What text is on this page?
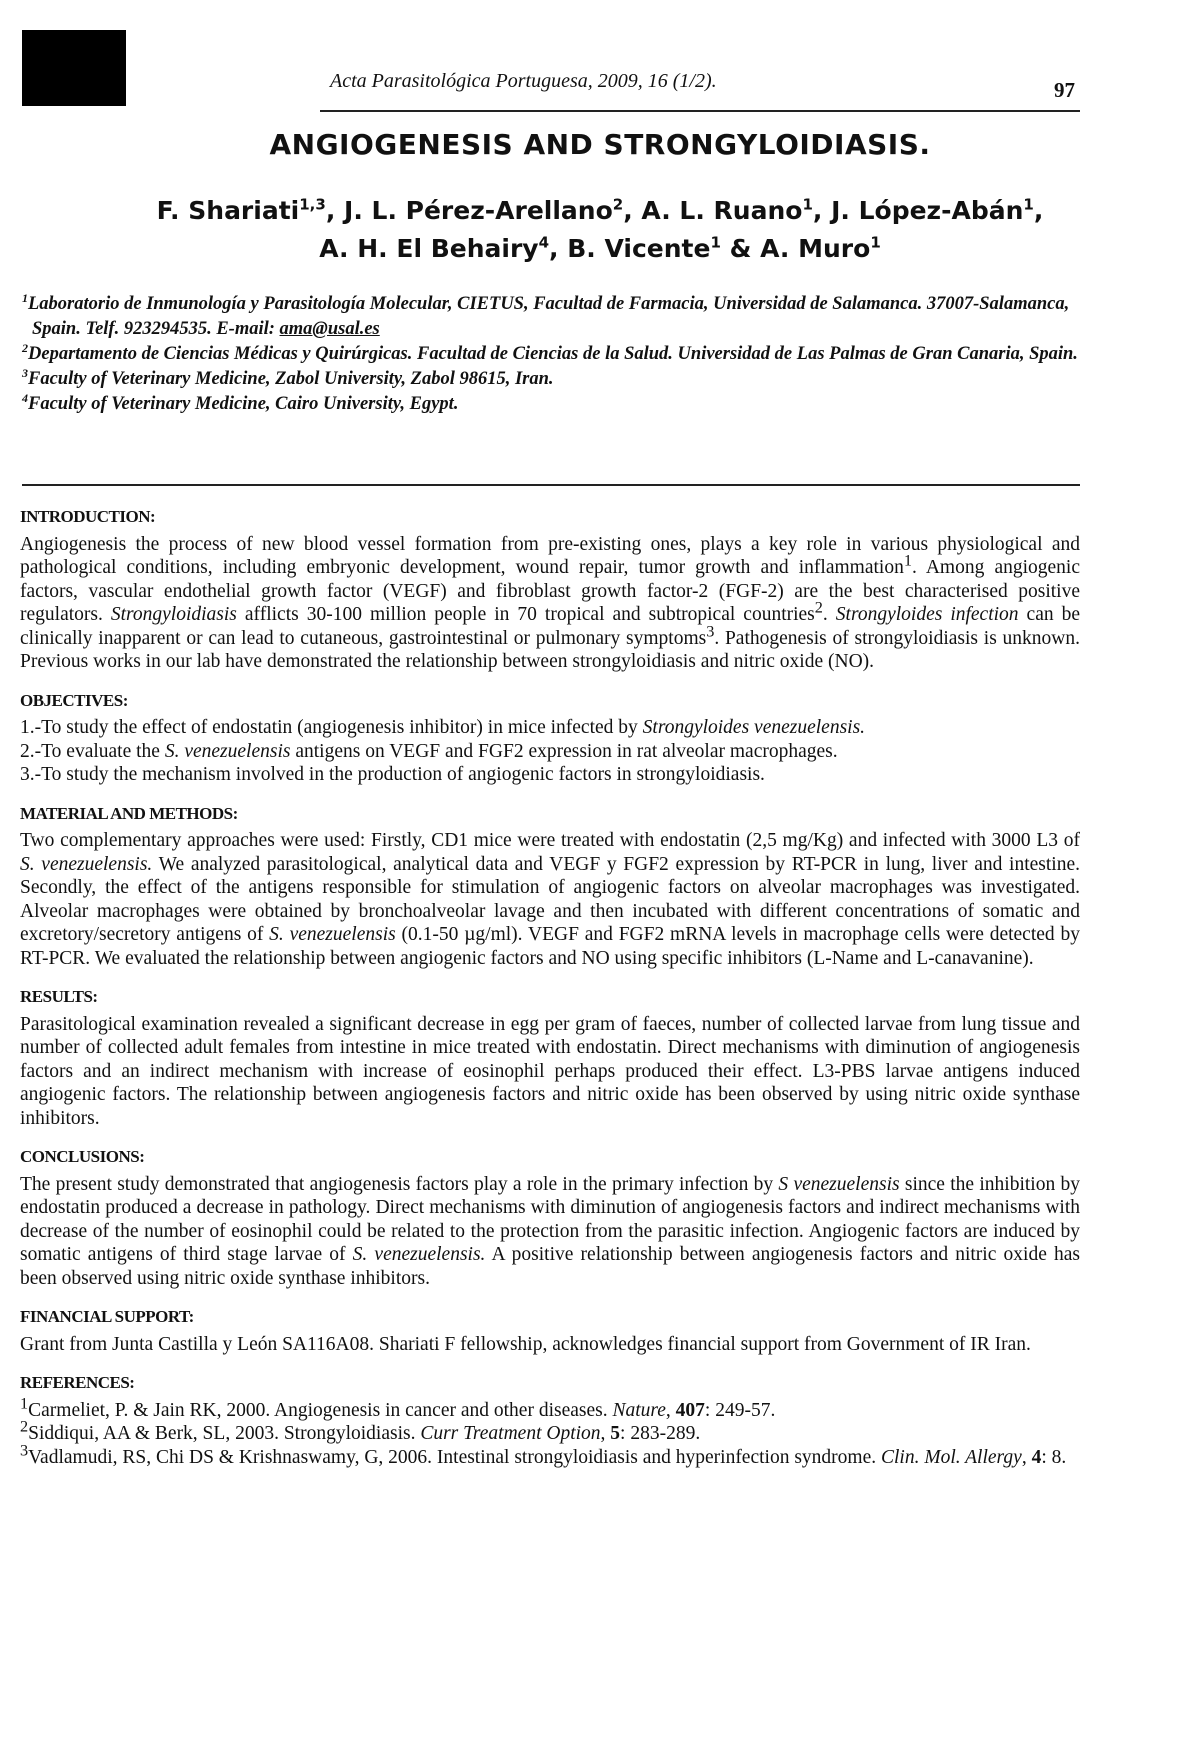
Acta Parasitológica Portuguesa, 2009, 16 (1/2).	97
ANGIOGENESIS AND STRONGYLOIDIASIS.
F. Shariati$^{1,3}$, J. L. Pérez-Arellano$^2$, A. L. Ruano$^1$, J. López-Abán$^1$,
A. H. El Behairy$^4$, B. Vicente$^1$ & A. Muro$^1$

$^1$Laboratorio de Inmunología y Parasitología Molecular, CIETUS, Facultad de Farmacia, Universidad de Salamanca. 37007-Salamanca, Spain. Telf. 923294535. E-mail: ama@usal.es

$^2$Departamento de Ciencias Médicas y Quirúrgicas. Facultad de Ciencias de la Salud. Universidad de Las Palmas de Gran Canaria, Spain.

$^3$Faculty of Veterinary Medicine, Zabol University, Zabol 98615, Iran.

$^4$Faculty of Veterinary Medicine, Cairo University, Egypt.

INTRODUCTION:

Angiogenesis the process of new blood vessel formation from pre-existing ones, plays a key role in various physiological and pathological conditions, including embryonic development, wound repair, tumor growth and inflammation$^1$. Among angiogenic factors, vascular endothelial growth factor (VEGF) and fibroblast growth factor-2 (FGF-2) are the best characterised positive regulators. Strongyloidiasis afflicts 30-100 million people in 70 tropical and subtropical countries$^2$. Strongyloides infection can be clinically inapparent or can lead to cutaneous, gastrointestinal or pulmonary symptoms$^3$. Pathogenesis of strongyloidiasis is unknown. Previous works in our lab have demonstrated the relationship between strongyloidiasis and nitric oxide (NO).

OBJECTIVES:

1.-To study the effect of endostatin (angiogenesis inhibitor) in mice infected by Strongyloides venezuelensis.

2.-To evaluate the S. venezuelensis antigens on VEGF and FGF2 expression in rat alveolar macrophages.

3.-To study the mechanism involved in the production of angiogenic factors in strongyloidiasis.

MATERIAL AND METHODS:

Two complementary approaches were used: Firstly, CD1 mice were treated with endostatin (2,5 mg/Kg) and infected with 3000 L3 of S. venezuelensis. We analyzed parasitological, analytical data and VEGF y FGF2 expression by RT-PCR in lung, liver and intestine. Secondly, the effect of the antigens responsible for stimulation of angiogenic factors on alveolar macrophages was investigated. Alveolar macrophages were obtained by bronchoalveolar lavage and then incubated with different concentrations of somatic and excretory/secretory antigens of S. venezuelensis (0.1-50 µg/ml). VEGF and FGF2 mRNA levels in macrophage cells were detected by RT-PCR. We evaluated the relationship between angiogenic factors and NO using specific inhibitors (L-Name and L-canavanine).

RESULTS:

Parasitological examination revealed a significant decrease in egg per gram of faeces, number of collected larvae from lung tissue and number of collected adult females from intestine in mice treated with endostatin. Direct mechanisms with diminution of angiogenesis factors and an indirect mechanism with increase of eosinophil perhaps produced their effect. L3-PBS larvae antigens induced angiogenic factors. The relationship between angiogenesis factors and nitric oxide has been observed by using nitric oxide synthase inhibitors.

CONCLUSIONS:

The present study demonstrated that angiogenesis factors play a role in the primary infection by S venezuelensis since the inhibition by endostatin produced a decrease in pathology. Direct mechanisms with diminution of angiogenesis factors and indirect mechanisms with decrease of the number of eosinophil could be related to the protection from the parasitic infection. Angiogenic factors are induced by somatic antigens of third stage larvae of S. venezuelensis. A positive relationship between angiogenesis factors and nitric oxide has been observed using nitric oxide synthase inhibitors.

FINANCIAL SUPPORT:

Grant from Junta Castilla y León SA116A08. Shariati F fellowship, acknowledges financial support from Government of IR Iran.

REFERENCES:

$^1$Carmeliet, P. & Jain RK, 2000. Angiogenesis in cancer and other diseases. Nature, 407: 249-57.

$^2$Siddiqui, AA & Berk, SL, 2003. Strongyloidiasis. Curr Treatment Option, 5: 283-289.

$^3$Vadlamudi, RS, Chi DS & Krishnaswamy, G, 2006. Intestinal strongyloidiasis and hyperinfection syndrome. Clin. Mol. Allergy, 4: 8.
